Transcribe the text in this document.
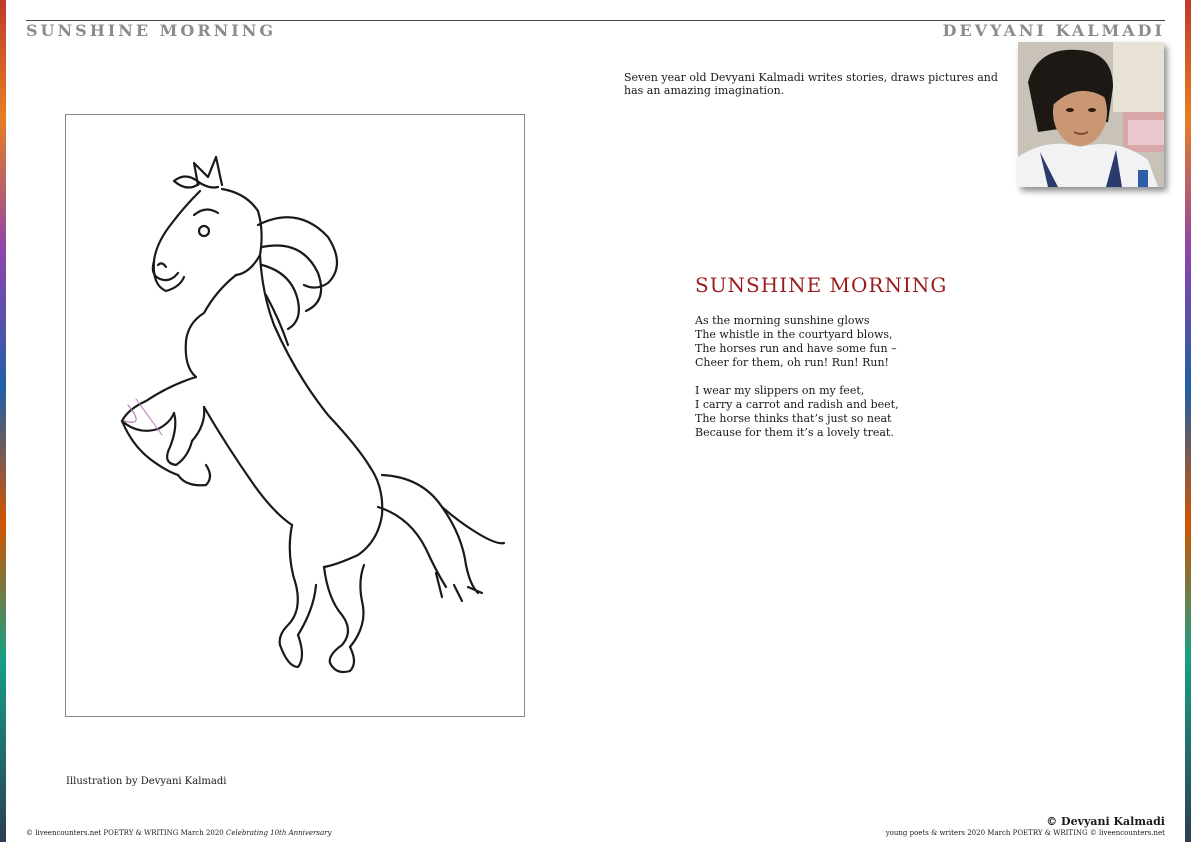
SUNSHINE MORNING	DEVYANI KALMADI

Seven year old Devyani Kalmadi writes stories, draws pictures and has an amazing imagination.

SUNSHINE MORNING

As the morning sunshine glows
The whistle in the courtyard blows,
The horses run and have some fun –
Cheer for them, oh run! Run! Run!

I wear my slippers on my feet,
I carry a carrot and radish and beet,
The horse thinks that’s just so neat
Because for them it’s a lovely treat.

Illustration by Devyani Kalmadi

© Devyani Kalmadi

© liveencounters.net POETRY & WRITING March 2020 Celebrating 10th Anniversary	young poets & writers 2020 March POETRY & WRITING © liveencounters.net
